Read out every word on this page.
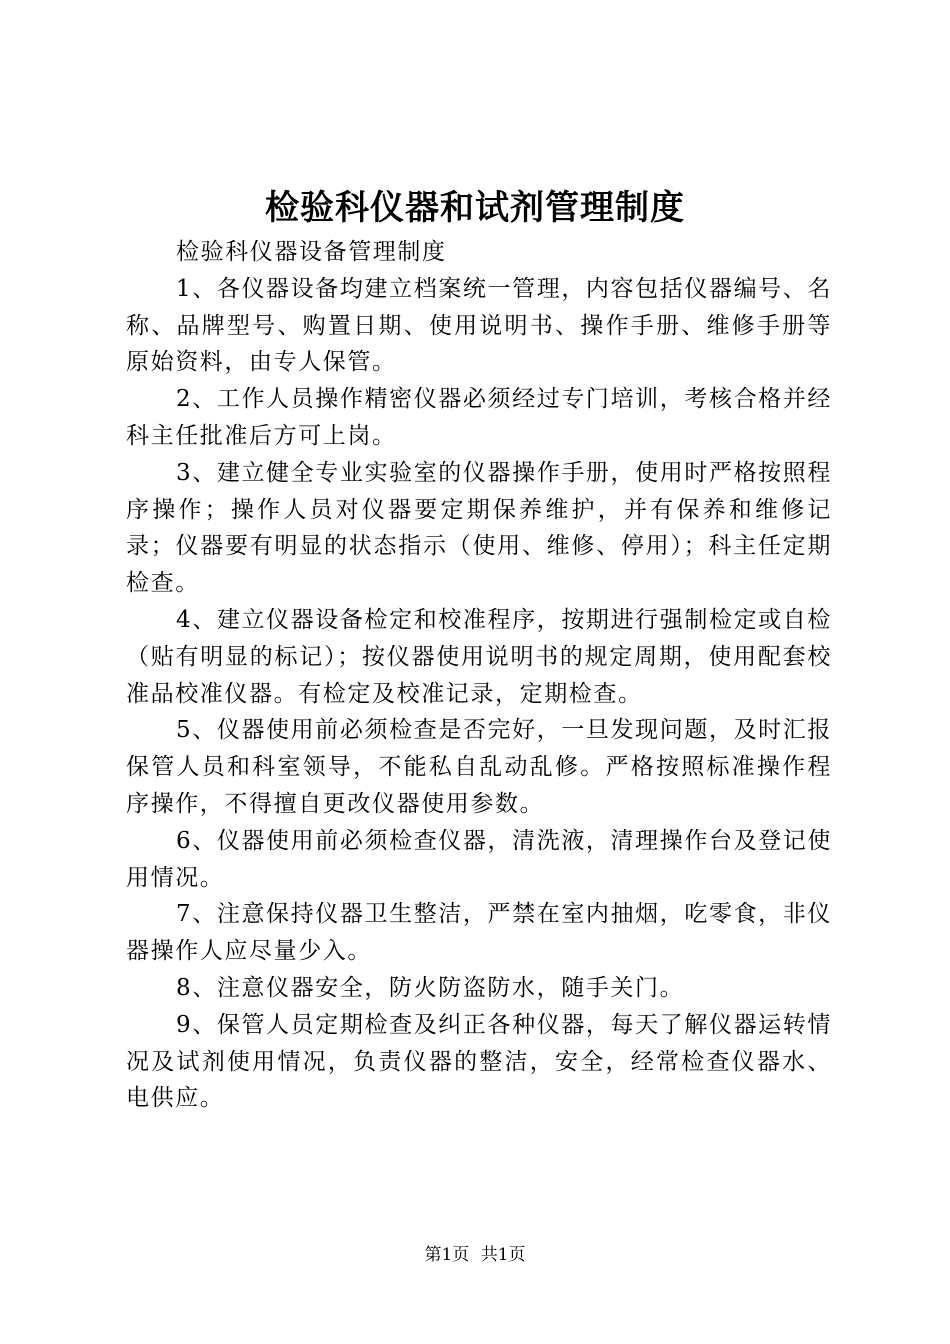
检验科仪器和试剂管理制度

检验科仪器设备管理制度

1、各仪器设备均建立档案统一管理，内容包括仪器编号、名称、品牌型号、购置日期、使用说明书、操作手册、维修手册等原始资料，由专人保管。

2、工作人员操作精密仪器必须经过专门培训，考核合格并经科主任批准后方可上岗。

3、建立健全专业实验室的仪器操作手册，使用时严格按照程序操作；操作人员对仪器要定期保养维护，并有保养和维修记录；仪器要有明显的状态指示（使用、维修、停用）；科主任定期检查。

4、建立仪器设备检定和校准程序，按期进行强制检定或自检（贴有明显的标记）；按仪器使用说明书的规定周期，使用配套校准品校准仪器。有检定及校准记录，定期检查。

5、仪器使用前必须检查是否完好，一旦发现问题，及时汇报保管人员和科室领导，不能私自乱动乱修。严格按照标准操作程序操作，不得擅自更改仪器使用参数。

6、仪器使用前必须检查仪器，清洗液，清理操作台及登记使用情况。

7、注意保持仪器卫生整洁，严禁在室内抽烟，吃零食，非仪器操作人应尽量少入。

8、注意仪器安全，防火防盗防水，随手关门。

9、保管人员定期检查及纠正各种仪器，每天了解仪器运转情况及试剂使用情况，负责仪器的整洁，安全，经常检查仪器水、电供应。

第1页 共1页
